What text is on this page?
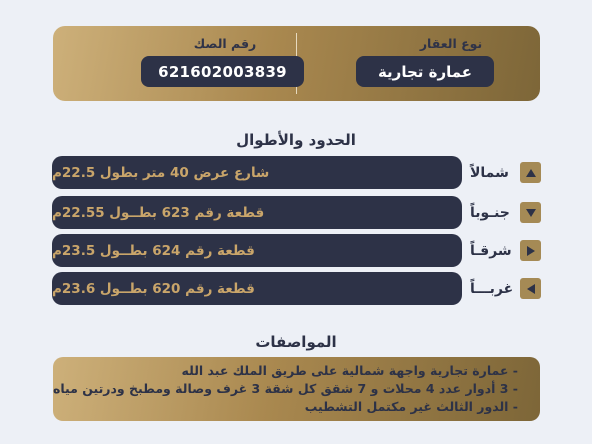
نوع العقار
عمارة تجارية
رقم الصك
621602003839
الحدود والأطوال
شارع عرض 40 متر بطول 22.5م	شمالاً
قطعة رقم 623 بطــول 22.55م	جنـوباً
قطعة رقم 624 بطــول 23.5م	شرقـاً
قطعة رقم 620 بطــول 23.6م	غربـــاً
المواصفات
- عمارة تجارية واجهة شمالية على طريق الملك عبد الله
- 3 أدوار عدد 4 محلات و 7 شقق كل شقة 3 غرف وصالة ومطبخ ودرتين مياه
- الدور الثالث غير مكتمل التشطيب
